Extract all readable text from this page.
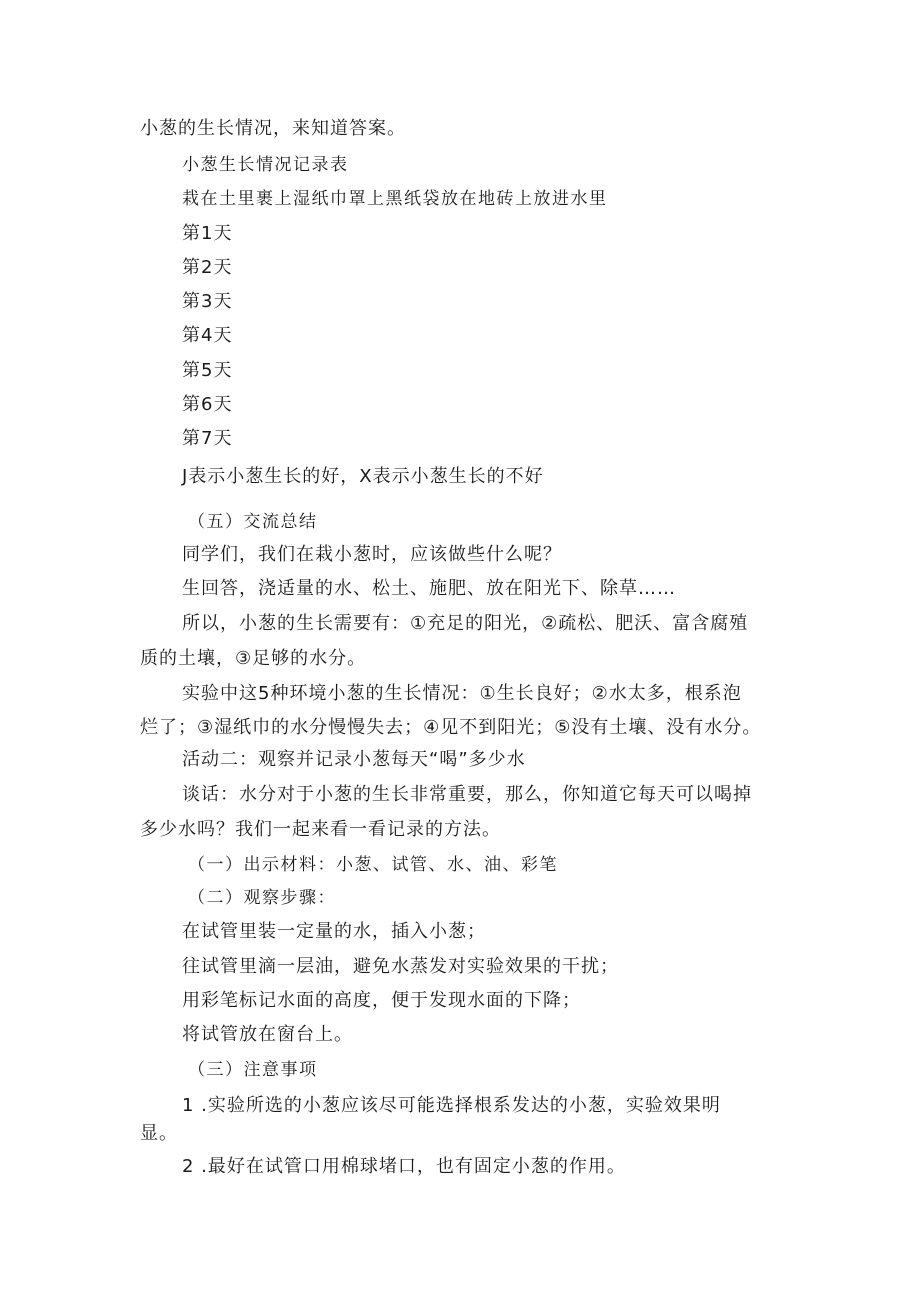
小葱的生长情况，来知道答案。

小葱生长情况记录表

栽在土里裹上湿纸巾罩上黑纸袋放在地砖上放进水里

第1天

第2天

第3天

第4天

第5天

第6天

第7天

J表示小葱生长的好，X表示小葱生长的不好

（五）交流总结

同学们，我们在栽小葱时，应该做些什么呢？

生回答，浇适量的水、松土、施肥、放在阳光下、除草……

所以，小葱的生长需要有：①充足的阳光，②疏松、肥沃、富含腐殖

质的土壤，③足够的水分。

实验中这5种环境小葱的生长情况：①生长良好；②水太多，根系泡

烂了；③湿纸巾的水分慢慢失去；④见不到阳光；⑤没有土壤、没有水分。

活动二：观察并记录小葱每天“喝”多少水

谈话：水分对于小葱的生长非常重要，那么，你知道它每天可以喝掉

多少水吗？我们一起来看一看记录的方法。

（一）出示材料：小葱、试管、水、油、彩笔

（二）观察步骤：

在试管里装一定量的水，插入小葱；

往试管里滴一层油，避免水蒸发对实验效果的干扰；

用彩笔标记水面的高度，便于发现水面的下降；

将试管放在窗台上。

（三）注意事项

1 .实验所选的小葱应该尽可能选择根系发达的小葱，实验效果明

显。

2 .最好在试管口用棉球堵口，也有固定小葱的作用。
